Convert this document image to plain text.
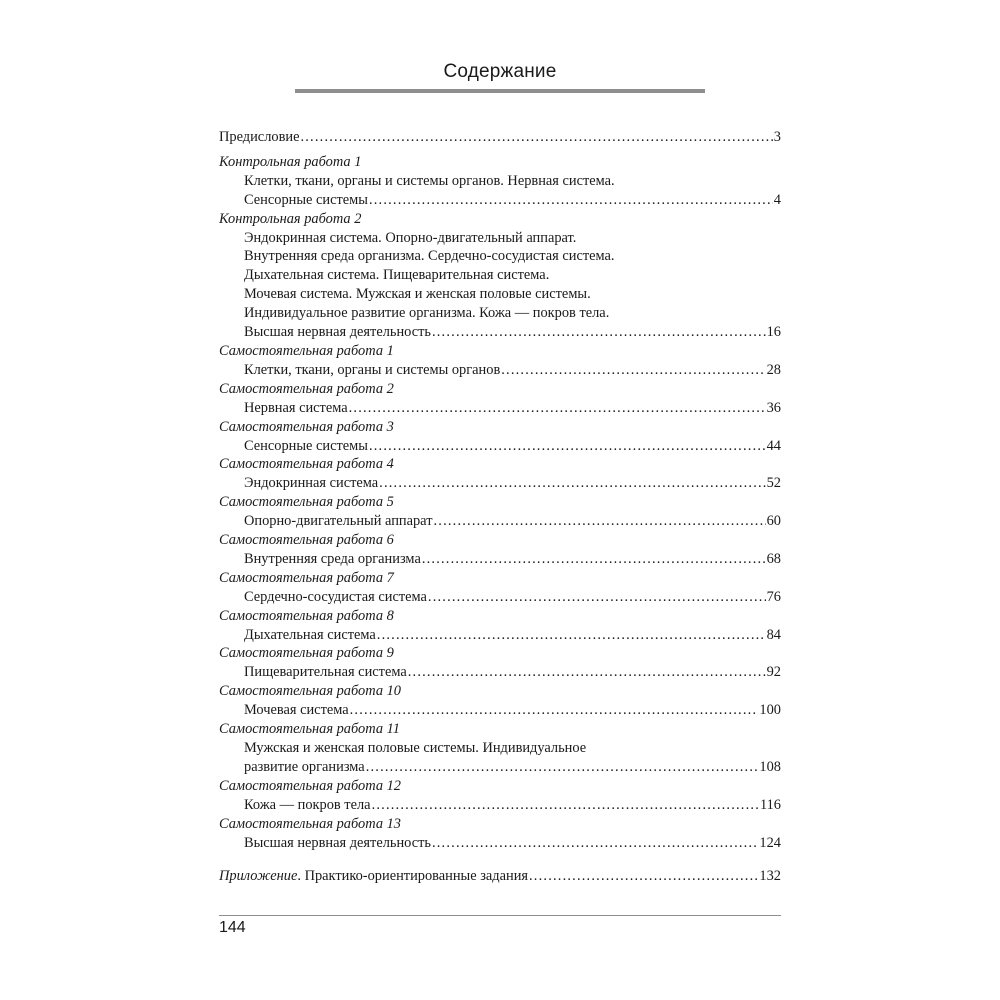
Содержание
Предисловие . . .	3
Контрольная работа 1
Клетки, ткани, органы и системы органов. Нервная система.
Сенсорные системы . . .	4
Контрольная работа 2
Эндокринная система. Опорно-двигательный аппарат.
Внутренняя среда организма. Сердечно-сосудистая система.
Дыхательная система. Пищеварительная система.
Мочевая система. Мужская и женская половые системы.
Индивидуальное развитие организма. Кожа — покров тела.
Высшая нервная деятельность . . .	16
Самостоятельная работа 1
Клетки, ткани, органы и системы органов . . .	28
Самостоятельная работа 2
Нервная система . . .	36
Самостоятельная работа 3
Сенсорные системы . . .	44
Самостоятельная работа 4
Эндокринная система . . .	52
Самостоятельная работа 5
Опорно-двигательный аппарат . . .	60
Самостоятельная работа 6
Внутренняя среда организма . . .	68
Самостоятельная работа 7
Сердечно-сосудистая система . . .	76
Самостоятельная работа 8
Дыхательная система . . .	84
Самостоятельная работа 9
Пищеварительная система . . .	92
Самостоятельная работа 10
Мочевая система . . .	100
Самостоятельная работа 11
Мужская и женская половые системы. Индивидуальное
развитие организма . . .	108
Самостоятельная работа 12
Кожа — покров тела . . .	116
Самостоятельная работа 13
Высшая нервная деятельность . . .	124
Приложение. Практико-ориентированные задания . . .	132
144
